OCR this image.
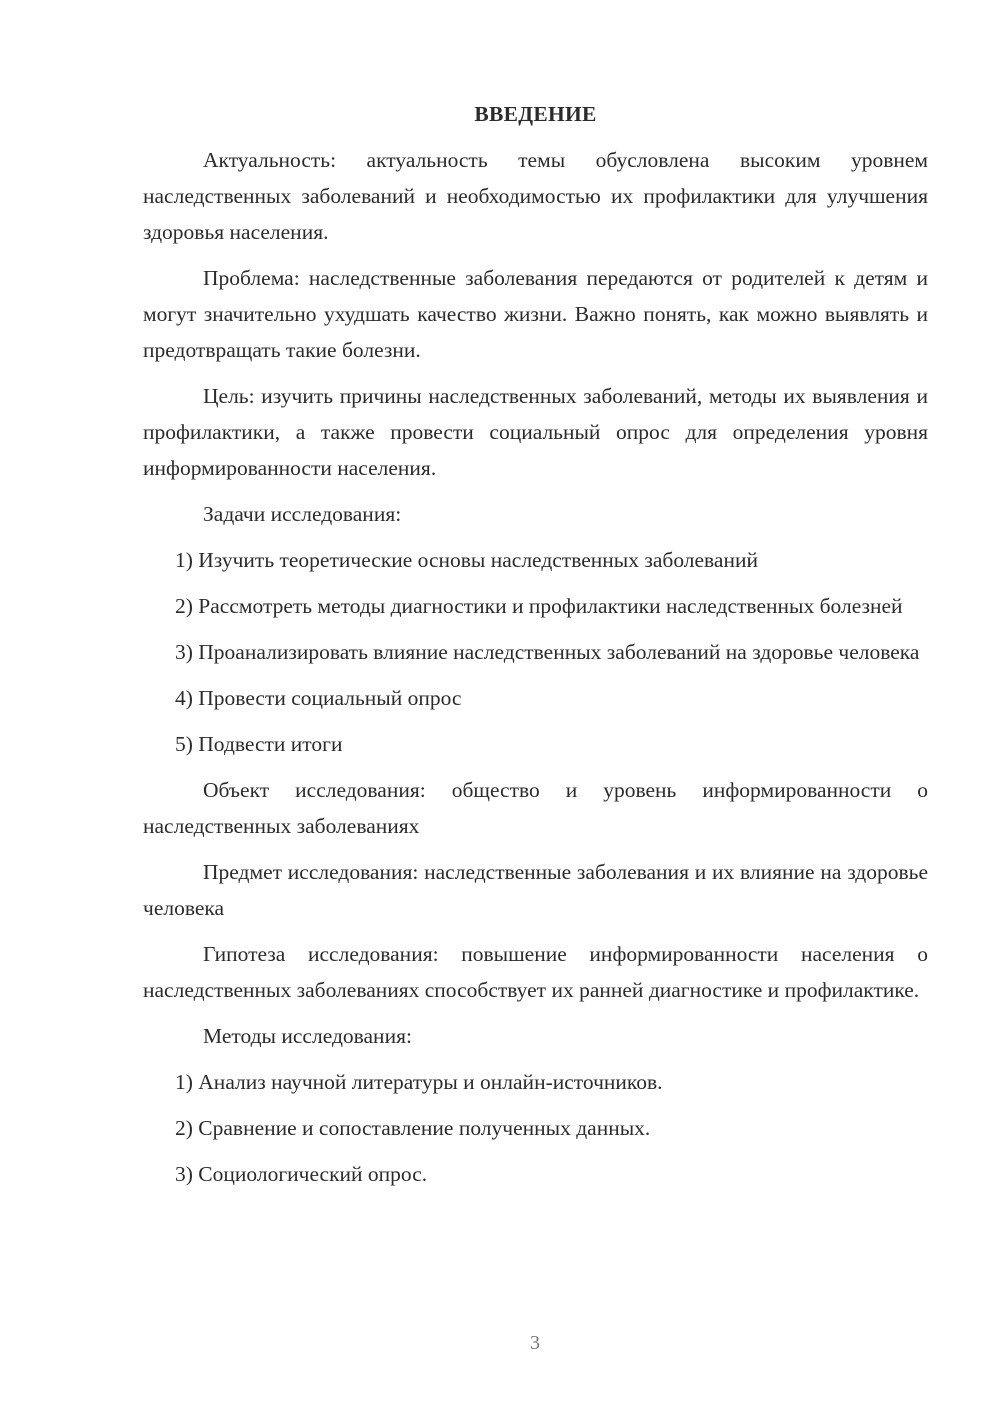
ВВЕДЕНИЕ

Актуальность: актуальность темы обусловлена высоким уровнем наследственных заболеваний и необходимостью их профилактики для улучшения здоровья населения.

Проблема: наследственные заболевания передаются от родителей к детям и могут значительно ухудшать качество жизни. Важно понять, как можно выявлять и предотвращать такие болезни.

Цель: изучить причины наследственных заболеваний, методы их выявления и профилактики, а также провести социальный опрос для определения уровня информированности населения.

Задачи исследования:

1) Изучить теоретические основы наследственных заболеваний

2) Рассмотреть методы диагностики и профилактики наследственных болезней

3) Проанализировать влияние наследственных заболеваний на здоровье человека

4) Провести социальный опрос

5) Подвести итоги

Объект исследования: общество и уровень информированности о наследственных заболеваниях

Предмет исследования: наследственные заболевания и их влияние на здоровье человека

Гипотеза исследования: повышение информированности населения о наследственных заболеваниях способствует их ранней диагностике и профилактике.

Методы исследования:

1) Анализ научной литературы и онлайн-источников.

2) Сравнение и сопоставление полученных данных.

3) Социологический опрос.

3
